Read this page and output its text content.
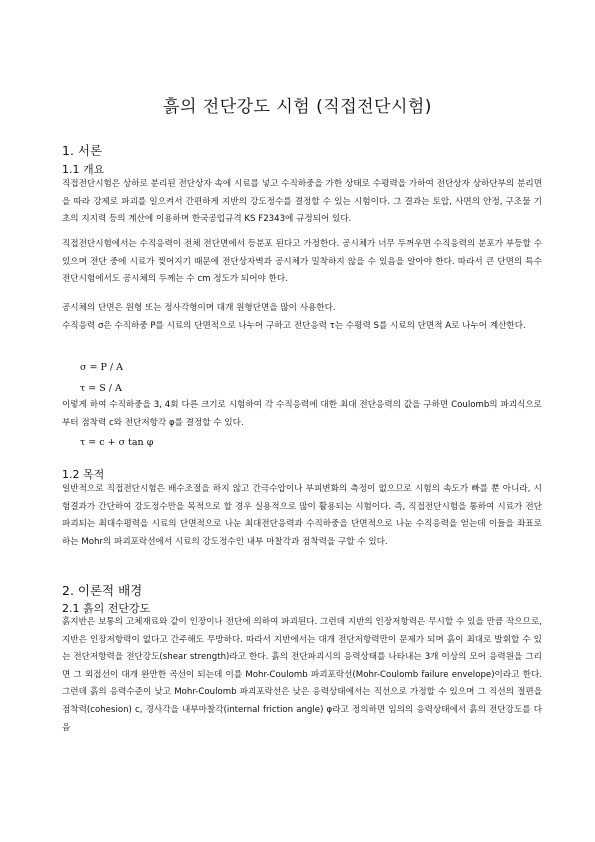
흙의 전단강도 시험 (직접전단시험)
1. 서론
1.1 개요

직접전단시험은 상하로 분리된 전단상자 속에 시료를 넣고 수직하중을 가한 상태로 수평력을 가하여 전단상자 상하단부의 분리면을 따라 강제로 파괴를 일으켜서 간편하게 지반의 강도정수를 결정할 수 있는 시험이다. 그 결과는 토압, 사면의 안정, 구조물 기초의 지지력 등의 계산에 이용하며 한국공업규격 KS F2343에 규정되어 있다.

직접전단시험에서는 수직응력이 전체 전단면에서 등분포 된다고 가정한다. 공시체가 너무 두꺼우면 수직응력의 분포가 부등할 수 있으며 전단 중에 시료가 찢어지기 때문에 전단상자벽과 공시체가 밀착하지 않을 수 있음을 알아야 한다. 따라서 큰 단면의 특수 전단시험에서도 공시체의 두께는 수 cm 정도가 되어야 한다.

공시체의 단면은 원형 또는 정사각형이며 대개 원형단면을 많이 사용한다.

수직응력 σ은 수직하중 P를 시료의 단면적으로 나누어 구하고 전단응력 τ는 수평력 S를 시료의 단면적 A로 나누어 계산한다.

σ = P / A
τ = S / A

이렇게 하여 수직하중을 3, 4회 다른 크기로 시험하여 각 수직응력에 대한 최대 전단응력의 값을 구하면 Coulomb의 파괴식으로부터 점착력 c와 전단저항각 φ를 결정할 수 있다.

τ = c + σ tan φ
1.2 목적

일반적으로 직접전단시험은 배수조절을 하지 않고 간극수압이나 부피변화의 측정이 없으므로 시험의 속도가 빠를 뿐 아니라, 시험결과가 간단하여 강도정수만을 목적으로 할 경우 실용적으로 많이 활용되는 시험이다. 즉, 직접전단시험을 통하여 시료가 전단파괴되는 최대수평력을 시료의 단면적으로 나눈 최대전단응력과 수직하중을 단면적으로 나눈 수직응력을 얻는데 이들을 좌표로 하는 Mohr의 파괴포락선에서 시료의 강도정수인 내부 마찰각과 점착력을 구할 수 있다.

2. 이론적 배경
2.1 흙의 전단강도

흙지반은 보통의 고체재료와 같이 인장이나 전단에 의하여 파괴된다. 그런데 지반의 인장저항력은 무시할 수 있을 만큼 작으므로, 지반은 인장저항력이 없다고 간주해도 무방하다. 따라서 지반에서는 대개 전단저항력만이 문제가 되며 흙이 최대로 발휘할 수 있는 전단저항력을 전단강도(shear strength)라고 한다. 흙의 전단파괴시의 응력상태를 나타내는 3개 이상의 모어 응력원을 그리면 그 외접선이 대개 완만한 곡선이 되는데 이를 Mohr-Coulomb 파괴포락선(Mohr-Coulomb failure envelope)이라고 한다. 그런데 흙의 응력수준이 낮고 Mohr-Coulomb 파괴포락선은 낮은 응력상태에서는 직선으로 가정할 수 있으며 그 직선의 절편을 점착력(cohesion) c, 경사각을 내부마찰각(internal friction angle) φ라고 정의하면 임의의 응력상태에서 흙의 전단강도를 다음
